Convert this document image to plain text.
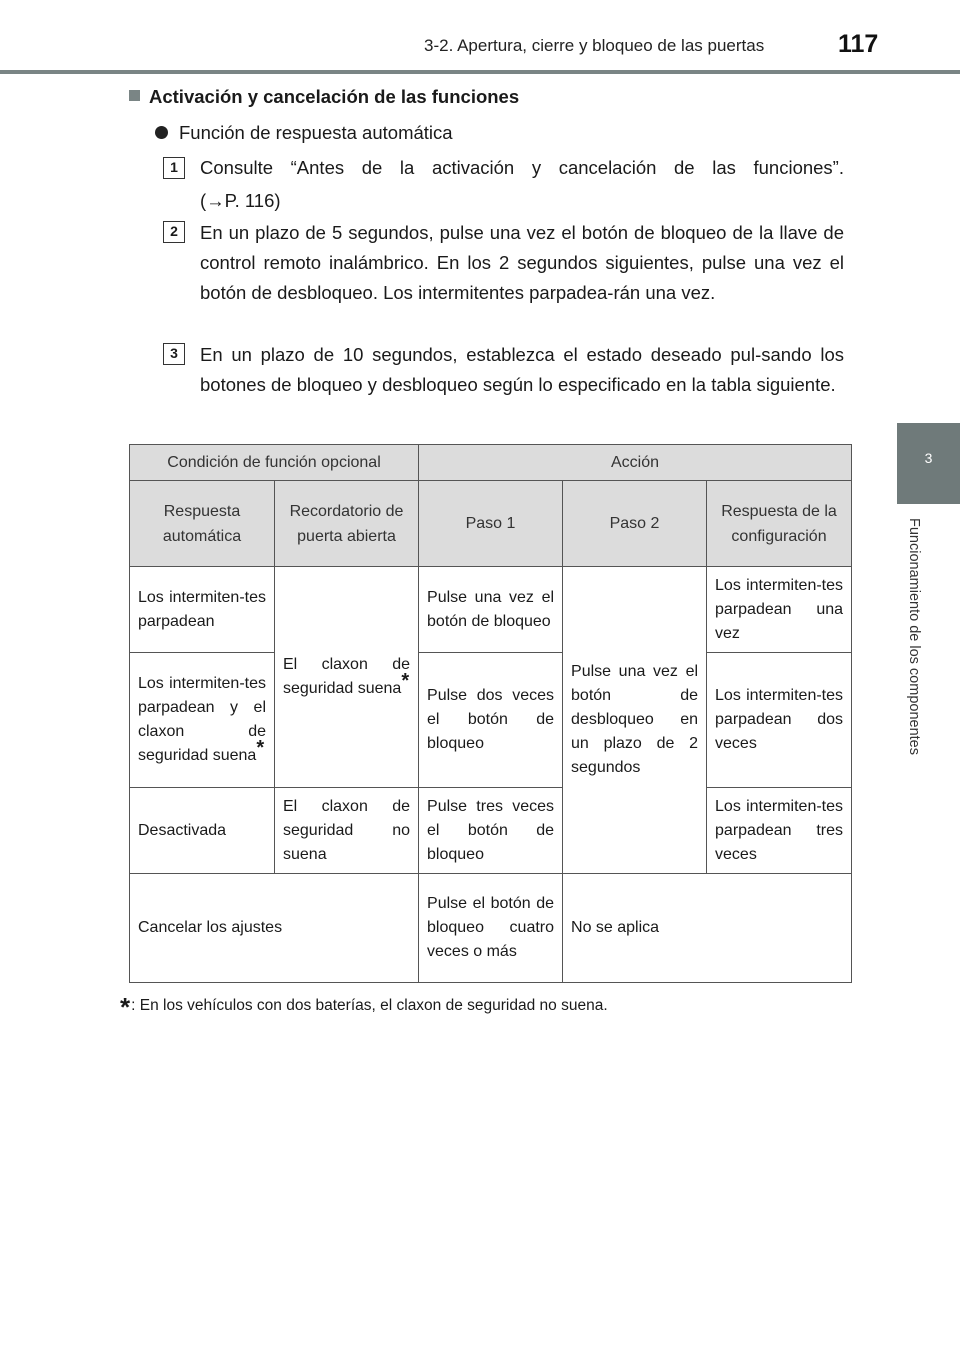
3-2. Apertura, cierre y bloqueo de las puertas	117
3
Funcionamiento de los componentes
Activación y cancelación de las funciones
Función de respuesta automática
1	Consulte “Antes de la activación y cancelación de las funciones”.
(→P. 116)
2	En un plazo de 5 segundos, pulse una vez el botón de bloqueo de la llave de control remoto inalámbrico. En los 2 segundos siguientes, pulse una vez el botón de desbloqueo. Los intermitentes parpadea-rán una vez.
3	En un plazo de 10 segundos, establezca el estado deseado pul-sando los botones de bloqueo y desbloqueo según lo especificado en la tabla siguiente.
Condición de función opcional		Acción		
Respuesta automática	Recordatorio de puerta abierta	Paso 1	Paso 2	Respuesta de la configuración
Los intermiten-tes parpadean	El claxon de seguridad suena*	Pulse una vez el botón de bloqueo	Pulse una vez el botón de desbloqueo en un plazo de 2 segundos	Los intermiten-tes parpadean una vez
Los intermiten-tes parpadean y el claxon de seguridad suena*		Pulse dos veces el botón de bloqueo		Los intermiten-tes parpadean dos veces
Desactivada	El claxon de seguridad no suena	Pulse tres veces el botón de bloqueo		Los intermiten-tes parpadean tres veces
Cancelar los ajustes		Pulse el botón de bloqueo cuatro veces o más	No se aplica	
*: En los vehículos con dos baterías, el claxon de seguridad no suena.
